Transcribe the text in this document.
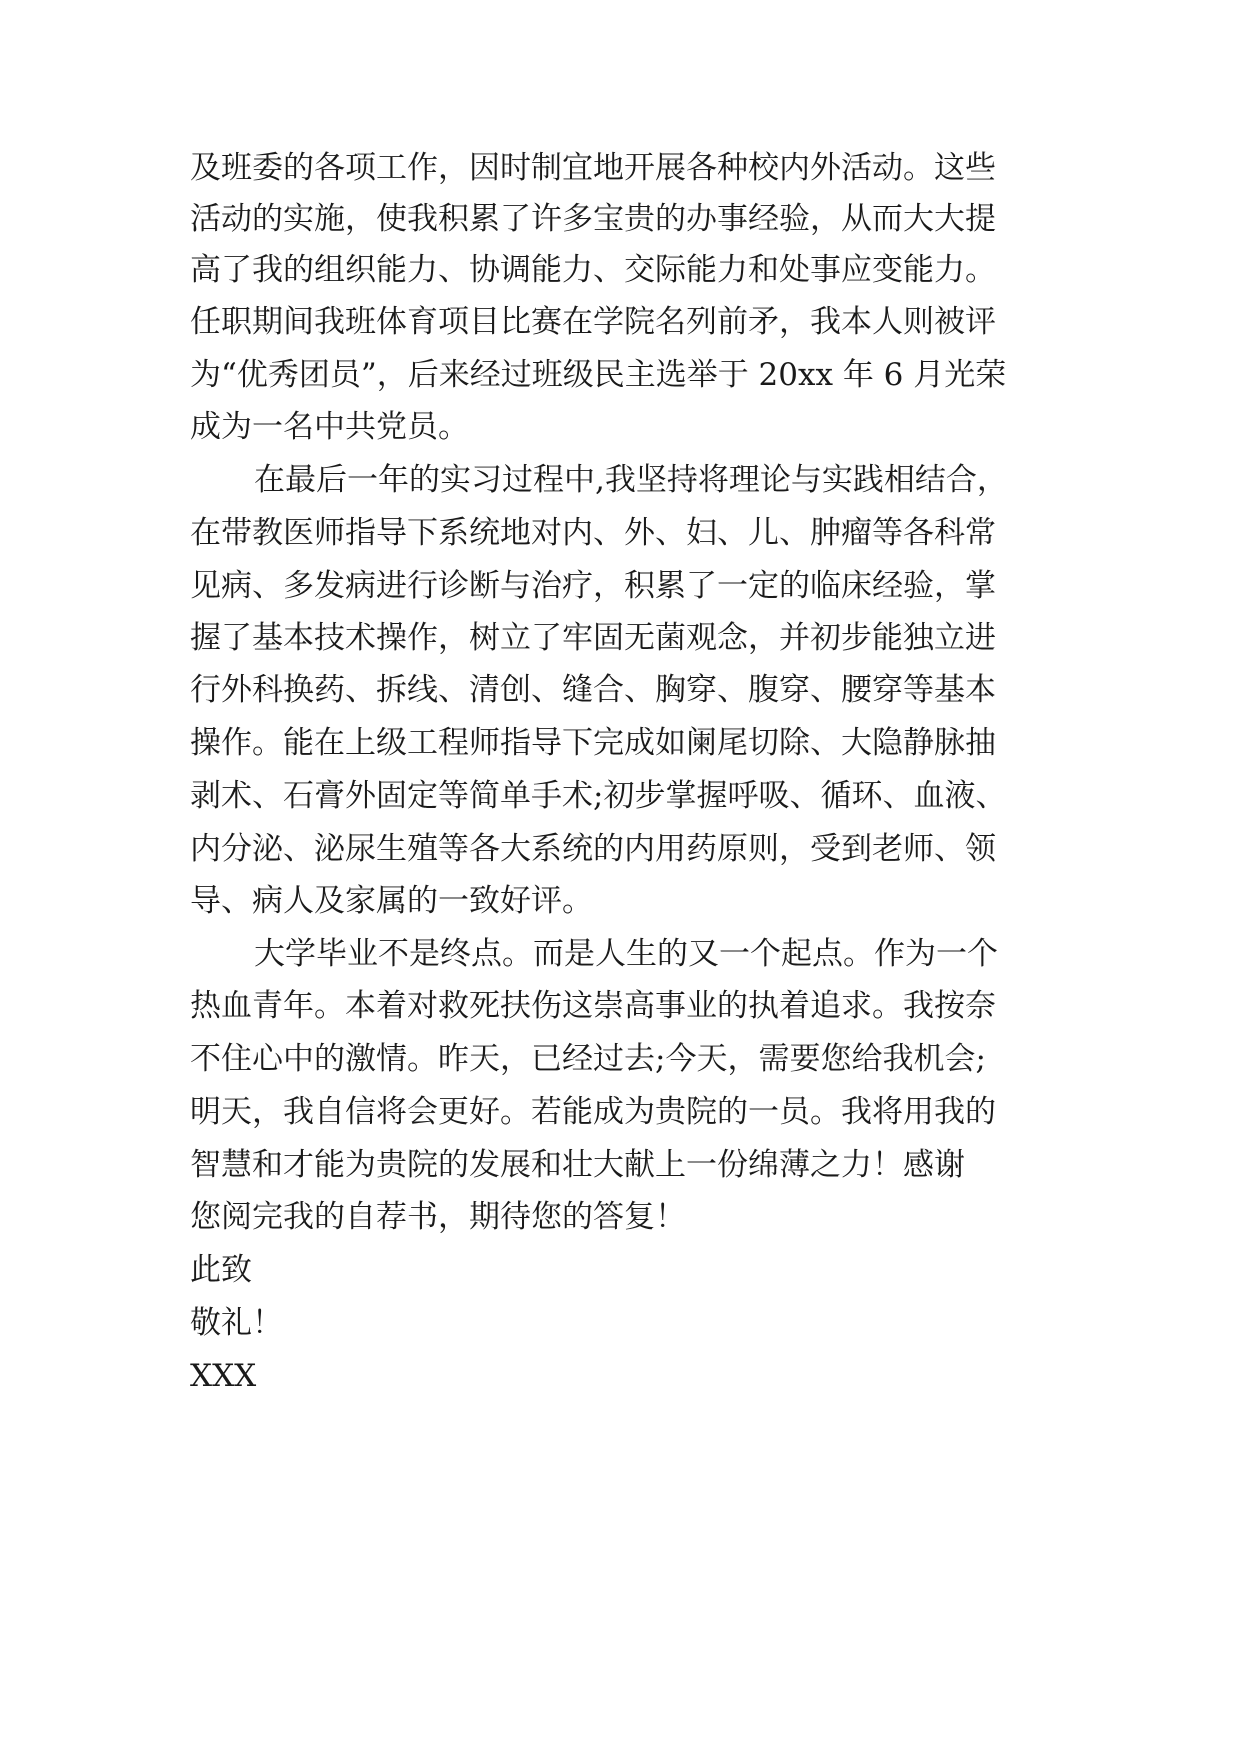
及班委的各项工作，因时制宜地开展各种校内外活动。这些
活动的实施，使我积累了许多宝贵的办事经验，从而大大提
高了我的组织能力、协调能力、交际能力和处事应变能力。
任职期间我班体育项目比赛在学院名列前矛，我本人则被评
为“优秀团员”，后来经过班级民主选举于 20xx 年 6 月光荣
成为一名中共党员。
在最后一年的实习过程中,我坚持将理论与实践相结合，
在带教医师指导下系统地对内、外、妇、儿、肿瘤等各科常
见病、多发病进行诊断与治疗，积累了一定的临床经验，掌
握了基本技术操作，树立了牢固无菌观念，并初步能独立进
行外科换药、拆线、清创、缝合、胸穿、腹穿、腰穿等基本
操作。能在上级工程师指导下完成如阑尾切除、大隐静脉抽
剥术、石膏外固定等简单手术;初步掌握呼吸、循环、血液、
内分泌、泌尿生殖等各大系统的内用药原则，受到老师、领
导、病人及家属的一致好评。
大学毕业不是终点。而是人生的又一个起点。作为一个
热血青年。本着对救死扶伤这崇高事业的执着追求。我按奈
不住心中的激情。昨天，已经过去;今天，需要您给我机会;
明天，我自信将会更好。若能成为贵院的一员。我将用我的
智慧和才能为贵院的发展和壮大献上一份绵薄之力！感谢
您阅完我的自荐书，期待您的答复！
此致
敬礼！
XXX
